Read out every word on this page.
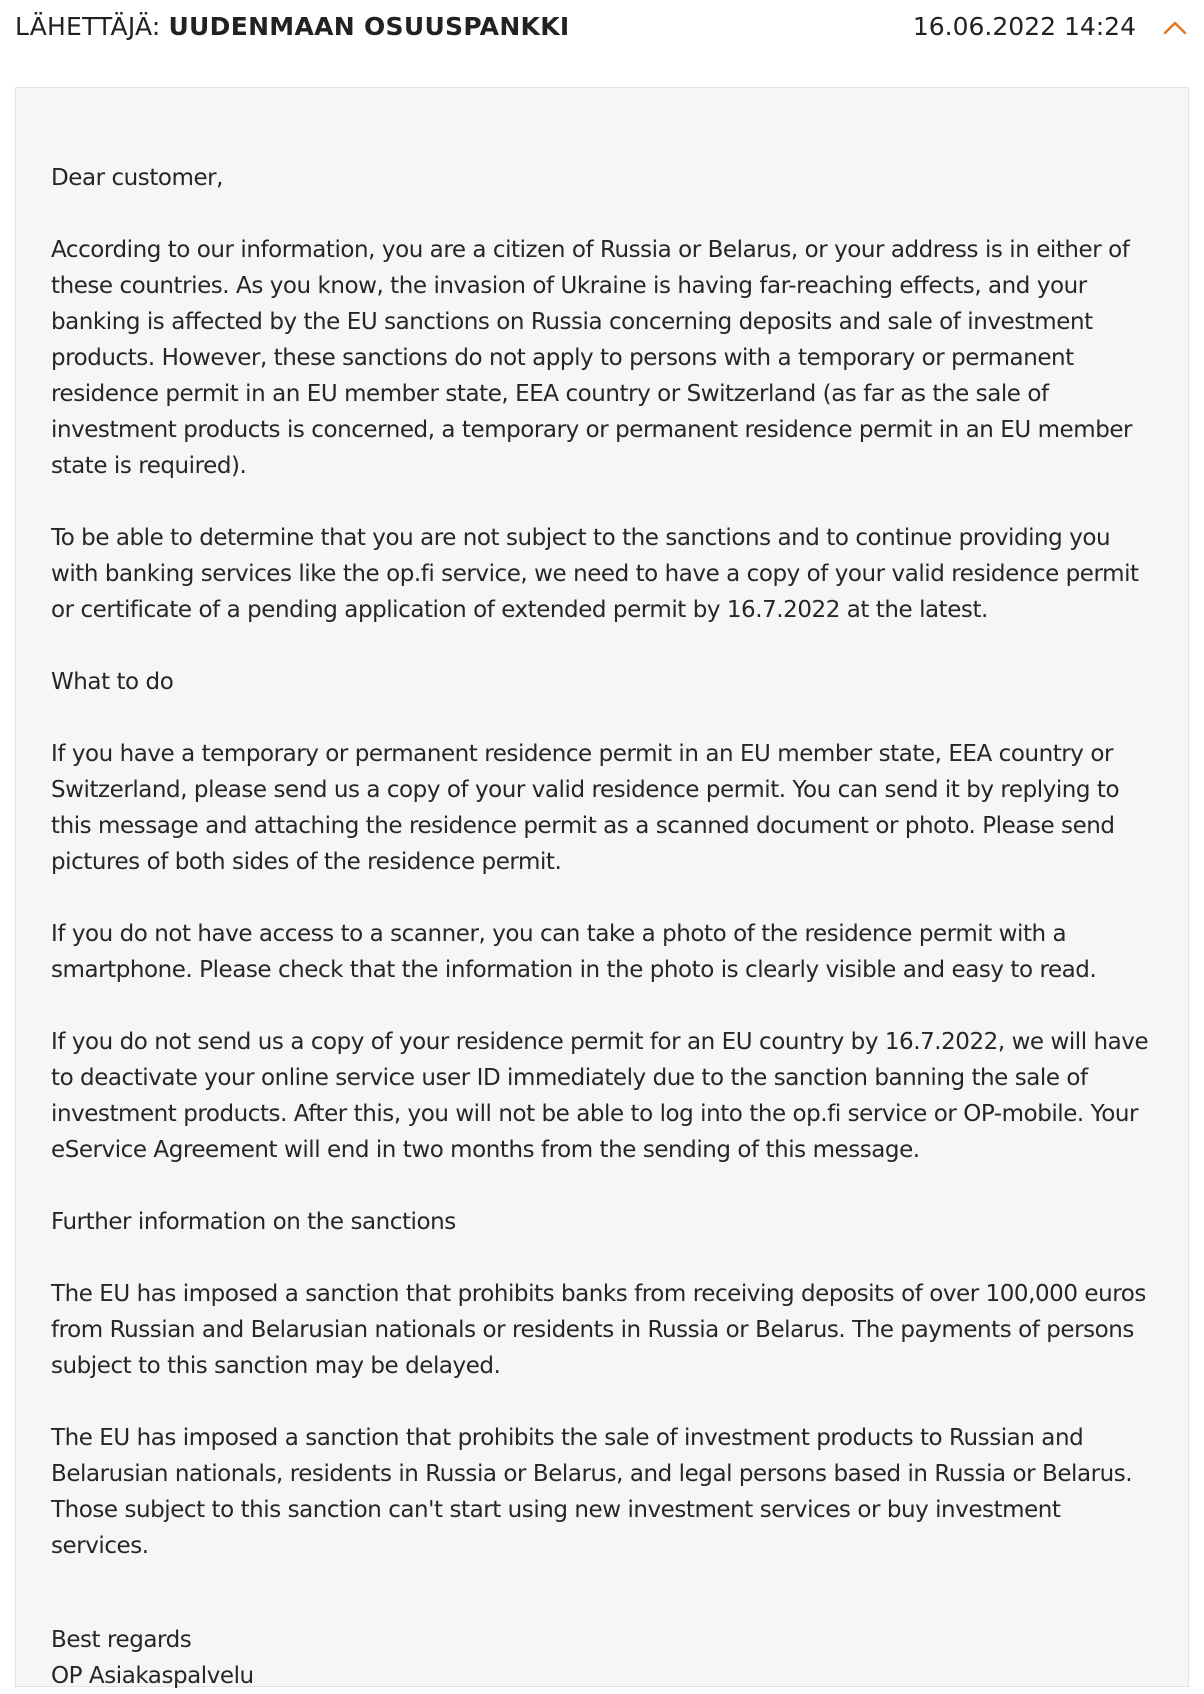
LÄHETTÄJÄ: UUDENMAAN OSUUSPANKKI	16.06.2022 14:24

Dear customer,

According to our information, you are a citizen of Russia or Belarus, or your address is in either of these countries. As you know, the invasion of Ukraine is having far-reaching effects, and your banking is affected by the EU sanctions on Russia concerning deposits and sale of investment products. However, these sanctions do not apply to persons with a temporary or permanent residence permit in an EU member state, EEA country or Switzerland (as far as the sale of investment products is concerned, a temporary or permanent residence permit in an EU member state is required).

To be able to determine that you are not subject to the sanctions and to continue providing you with banking services like the op.fi service, we need to have a copy of your valid residence permit or certificate of a pending application of extended permit by 16.7.2022 at the latest.

What to do

If you have a temporary or permanent residence permit in an EU member state, EEA country or Switzerland, please send us a copy of your valid residence permit. You can send it by replying to this message and attaching the residence permit as a scanned document or photo. Please send pictures of both sides of the residence permit.

If you do not have access to a scanner, you can take a photo of the residence permit with a smartphone. Please check that the information in the photo is clearly visible and easy to read.

If you do not send us a copy of your residence permit for an EU country by 16.7.2022, we will have to deactivate your online service user ID immediately due to the sanction banning the sale of investment products. After this, you will not be able to log into the op.fi service or OP-mobile. Your eService Agreement will end in two months from the sending of this message.

Further information on the sanctions

The EU has imposed a sanction that prohibits banks from receiving deposits of over 100,000 euros from Russian and Belarusian nationals or residents in Russia or Belarus. The payments of persons subject to this sanction may be delayed.

The EU has imposed a sanction that prohibits the sale of investment products to Russian and Belarusian nationals, residents in Russia or Belarus, and legal persons based in Russia or Belarus. Those subject to this sanction can't start using new investment services or buy investment services.

Best regards
OP Asiakaspalvelu
